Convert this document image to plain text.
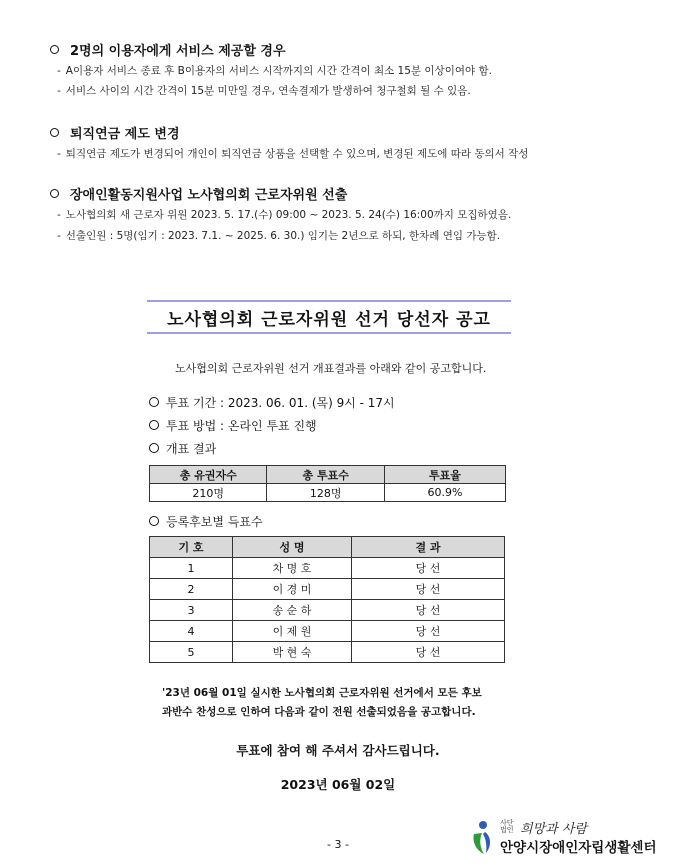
2명의 이용자에게 서비스 제공할 경우
- A이용자 서비스 종료 후 B이용자의 서비스 시작까지의 시간 간격이 최소 15분 이상이여야 함.
- 서비스 사이의 시간 간격이 15분 미만일 경우, 연속결제가 발생하여 청구철회 될 수 있음.
퇴직연금 제도 변경
- 퇴직연금 제도가 변경되어 개인이 퇴직연금 상품을 선택할 수 있으며, 변경된 제도에 따라 동의서 작성
장애인활동지원사업 노사협의회 근로자위원 선출
- 노사협의회 새 근로자 위원 2023. 5. 17.(수) 09:00 ~ 2023. 5. 24(수) 16:00까지 모집하였음.
- 선출인원 : 5명(임기 : 2023. 7.1. ~ 2025. 6. 30.) 임기는 2년으로 하되, 한차례 연임 가능함.
노사협의회 근로자위원 선거 당선자 공고
노사협의회 근로자위원 선거 개표결과를 아래와 같이 공고합니다.
투표 기간 : 2023. 06. 01. (목) 9시 - 17시
투표 방법 : 온라인 투표 진행
개표 결과
총 유권자수	총 투표수	투표율
210명	128명	60.9%
등록후보별 득표수
기 호	성 명	결 과
1	차 명 호	당 선
2	이 경 미	당 선
3	송 순 하	당 선
4	이 제 원	당 선
5	박 현 숙	당 선
'23년 06월 01일 실시한 노사협의회 근로자위원 선거에서 모든 후보
과반수 찬성으로 인하여 다음과 같이 전원 선출되었음을 공고합니다.
투표에 참여 해 주셔서 감사드립니다.
2023년 06월 02일
- 3 -
사단 법인 희망과 사람
안양시장애인자립생활센터
